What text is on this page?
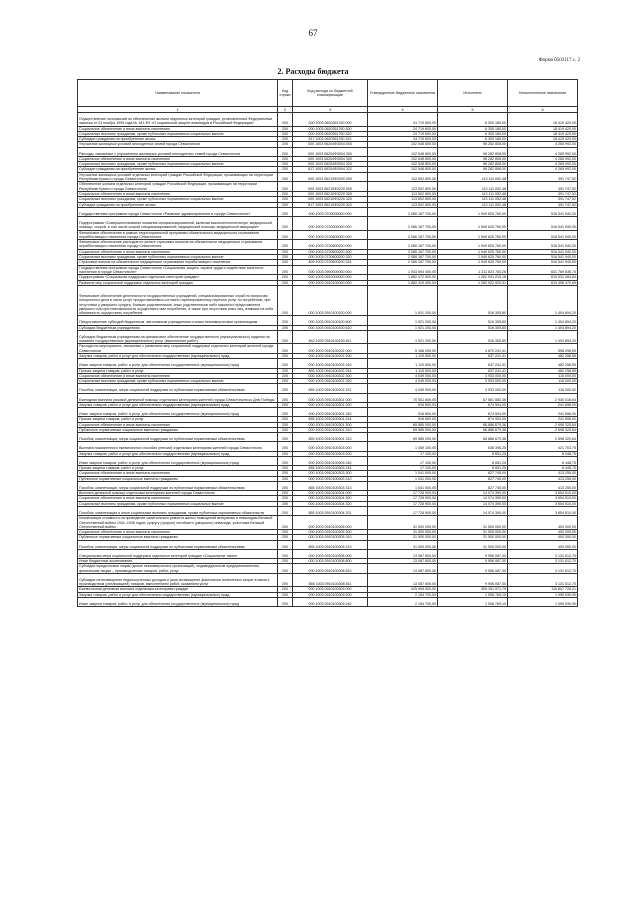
67
Форма 0503117 с. 2
2. Расходы бюджета
Наименование показателя	Код строки	Код расхода по бюджетной классификации	Утвержденные бюджетные назначения	Исполнено	Неисполненные назначения
1	2	3	4	5	6
Осуществление полномочий по обеспечению жильем отдельных категорий граждан, установленных Федеральным законом от 24 ноября 1995 года № 181-ФЗ «О социальной защите инвалидов в Российской Федерации»	200	000 1003 0620351760 000	24 719 600,00	6 300 180,00	18 419 420,00
Социальное обеспечение и иные выплаты населению	200	000 1003 0620351760 300	24 719 600,00	6 300 180,00	18 419 420,00
Социальные выплаты гражданам, кроме публичных нормативных социальных выплат	200	000 1003 0620351760 320	24 719 600,00	6 300 180,00	18 419 420,00
Субсидии гражданам на приобретение жилья	200	817 1003 0620351760 322	24 719 600,00	6 300 180,00	18 419 420,00
Улучшение жилищных условий многодетных семей города Севастополя	200	000 1003 06204Ф3004 000	102 548 800,00	98 282 808,00	4 265 992,00
Расходы, связанные с улучшением жилищных условий многодетных семей города Севастополя	200	000 1003 06204Ф3004 300	102 548 800,00	98 282 808,00	4 265 992,00
Социальное обеспечение и иные выплаты населению	200	000 1003 06204Ф3004 300	102 548 800,00	98 282 808,00	4 265 992,00
Социальные выплаты гражданам, кроме публичных нормативных социальных выплат	200	000 1003 06204Ф3004 320	102 548 800,00	98 282 808,00	4 265 992,00
Субсидии гражданам на приобретение жилья	200	817 1003 06204Ф3004 322	102 548 800,00	98 282 808,00	4 265 992,00
Улучшение жилищных условий отдельных категорий граждан Российской Федерации, проживающих на территории Республики Крым и города Севастополя	200	000 1003 06210Ф3000 000	113 502 800,00	113 111 052,48	391 747,52
Обеспечение жильем отдельных категорий граждан Российской Федерации, проживающих на территории Республики Крым и города Севастополя	200	000 1003 06210Ф3220 000	113 502 800,00	113 111 052,48	391 747,52
Социальное обеспечение и иные выплаты населению	200	000 1003 06210Ф3220 300	113 502 800,00	113 111 052,48	391 747,52
Социальные выплаты гражданам, кроме публичных нормативных социальных выплат	200	000 1003 06210Ф3220 320	113 502 800,00	113 111 052,48	391 747,52
Субсидии гражданам на приобретение жилья	200	817 1003 06210Ф3220 322	113 502 800,00	113 111 052,48	391 747,52
Государственная программа города Севастополя «Развитие здравоохранения в городе Севастополе»	200	000 1003 0700000000 000	2 066 167 700,00	1 549 625 760,00	516 541 940,00
Подпрограмма «Совершенствование оказания специализированной, включая высокотехнологичную, медицинской помощи, скорой, в том числе скорой специализированной, медицинской помощи, медицинской эвакуации»	200	000 1003 0720000000 000	2 066 167 700,00	1 549 625 760,00	516 541 940,00
Финансовое обеспечение в рамках территориальной программы обязательного медицинского страхования нерабботающего населения города Севастополя	200	000 1003 0720600000 000	2 066 167 700,00	1 549 625 760,00	516 541 940,00
Финансовое обеспечение расходов по уплате страховых взносов на обязательное медицинское страхование нерабботающего населения города Севастополя	200	000 1003 0720600200 000	2 066 167 700,00	1 549 625 760,00	516 541 940,00
Социальное обеспечение и иные выплаты населению	200	000 1003 0720600200 300	2 066 167 700,00	1 549 625 760,00	516 541 940,00
Социальные выплаты гражданам, кроме публичных нормативных социальных выплат	200	000 1003 0720600200 320	2 066 167 700,00	1 549 625 760,00	516 541 940,00
Страховые взносы на обязательное медицинское страхование неработающего населения	200	809 1003 0720600200 324	2 066 167 700,00	1 549 625 760,00	516 541 940,00
Государственная программа города Севастополя «Социальная защита, охрана труда и содействие занятости населения в городе Севастополе»	200	000 1003 0900000000 000	1 943 594 400,00	1 311 824 763,26	631 769 636,74
Подпрограмма «Социальная поддержка отдельных категорий граждан»	200	000 1003 0910000000 000	1 882 472 300,00	1 262 941 215,16	619 531 084,84
Развитие мер социальной поддержки отдельных категорий граждан	200	000 1003 0910100000 000	1 882 419 400,00	1 262 922 929,31	619 496 470,69
Финансовое обеспечение деятельности государственных учреждений, специализированных служб по вопросам похоронного дела в части услуг, предоставляемых согласно гарантированному перечню услуг по погребению, при отсутствии у умершего супруга, близких родственников, иных родственников либо законного представителя умершего или при невозможности осуществить ими погребение, а также при отсутствии иных лиц, взявших на себя обязанность осуществить погребение	200	000 1003 0910100100 000	1 921 200,00	516 305,80	1 404 894,20
Предоставление субсидий бюджетным, автономным учреждениям и иным некоммерческим организациям	200	000 1003 0910100100 600	1 921 200,00	516 305,80	1 404 894,20
Субсидии бюджетным учреждениям	200	000 1003 0910100100 610	1 921 200,00	516 305,80	1 404 894,20
Субсидии бюджетным учреждениям на финансовое обеспечение государственного (муниципального) задания на оказание государственных (муниципальных) услуг (выполнение работ)	200	842 1003 0910100100 611	1 921 200,00	516 305,80	1 404 894,20
Расходы на мероприятия, связанные с развитием мер социальной поддержки отдельных категорий жителей города Севастополя	200	000 1003 0910100202 000	5 168 000,00	4 670 241,41	598 298,59
Закупка товаров, работ и услуг для обеспечения государственных (муниципальных) нужд	200	000 1003 0910100202 200	1 119 500,00	637 241,41	482 258,59
Иные закупки товаров, работ и услуг для обеспечения государственных (муниципальных) нужд	200	000 1003 0910100202 240	1 119 500,00	637 241,41	482 258,59
Прочая закупка товаров, работ и услуг	200	855 1003 0910100202 244	1 119 500,00	637 241,41	482 258,59
Социальное обеспечение и иные выплаты населению	200	000 1003 0910100202 300	4 049 000,00	3 933 000,00	116 000,00
Социальные выплаты гражданам, кроме публичных нормативных социальных выплат	200	000 1003 0910100202 320	4 049 000,00	3 933 000,00	116 000,00
Пособия, компенсации, меры социальной поддержки по публичным нормативным обязательствам	200	855 1003 0910100202 321	4 049 000,00	3 933 000,00	116 000,00
Ежегодная выплата разовой денежной помощи отдельным категориям жителей города Севастополя ко Дню Победы	200	000 1003 0910100301 000	70 501 600,00	67 561 583,36	2 940 016,64
Закупка товаров, работ и услуг для обеспечения государственных (муниципальных) нужд	200	000 1003 0910100301 200	916 600,00	674 904,00	241 696,00
Иные закупки товаров, работ и услуг для обеспечения государственных (муниципальных) нужд	200	000 1003 0910100301 240	916 600,00	674 904,00	241 696,00
Прочая закупка товаров, работ и услуг	200	855 1003 0910100301 244	916 600,00	674 904,00	241 696,00
Социальное обеспечение и иные выплаты населению	200	000 1003 0910100301 300	69 585 000,00	66 886 679,36	2 698 320,64
Публичные нормативные социальные выплаты гражданам	200	000 1003 0910100301 310	69 585 000,00	66 886 679,36	2 698 320,64
Пособия, компенсации, меры социальной поддержки по публичным нормативным обязательствам	200	855 1003 0910100301 313	69 585 000,00	66 886 679,36	2 698 320,64
Выплата пожизненного ежемесячного пособия (пенсии) отдельным категориям жителей города Севастополя	200	000 1003 0910100303 000	1 059 100,00	636 396,25	421 703,75
Закупка товаров, работ и услуг для обеспечения государственных (муниципальных) нужд	200	000 1003 0910100303 200	17 100,00	8 651,25	8 448,75
Иные закупки товаров, работ и услуг для обеспечения государственных (муниципальных) нужд	200	000 1003 0910100303 240	17 100,00	8 651,25	8 448,75
Прочая закупка товаров, работ и услуг	200	855 1003 0910100303 244	17 100,00	8 651,25	8 448,75
Социальное обеспечение и иные выплаты населению	200	000 1003 0910100303 300	1 041 000,00	627 745,00	413 255,00
Публичные нормативные социальные выплаты гражданам	200	000 1003 0910100303 310	1 041 000,00	627 745,00	413 255,00
Пособия, компенсации, меры социальной поддержки по публичным нормативным обязательствам	200	855 1003 0910100303 313	1 041 000,00	627 745,00	413 255,00
Выплата денежной помощи отдельным категориям жителей города Севастополя	200	000 1003 0910100304 000	17 728 900,00	14 074 390,00	3 654 510,00
Социальное обеспечение и иные выплаты населению	200	000 1003 0910100304 300	17 728 900,00	14 074 390,00	3 654 510,00
Социальные выплаты гражданам, кроме публичных нормативных социальных выплат	200	000 1003 0910100304 320	17 728 900,00	14 074 390,00	3 654 510,00
Пособия, компенсации и иные социальные выплаты гражданам, кроме публичных нормативных обязательств	200	855 1003 0910100304 321	17 728 900,00	14 074 390,00	3 654 510,00
Компенсация стоимости на проведение капитального ремонта жилых помещений ветеранам и инвалидам Великой Отечественной войны 1941–1945 годов, супругу (супруге) погибшего (умершего) инвалида, участника Великой Отечественной войны	200	000 1003 0910100305 000	31 900 000,00	31 500 000,00	400 000,00
Социальное обеспечение и иные выплаты населению	200	000 1003 0910100305 300	31 900 000,00	31 500 000,00	400 000,00
Публичные нормативные социальные выплаты гражданам	200	000 1003 0910100305 310	31 900 000,00	31 500 000,00	400 000,00
Пособия, компенсации, меры социальной поддержки по публичным нормативным обязательствам	200	855 1003 0910100305 313	31 900 000,00	31 500 000,00	400 000,00
Специальная мера социальной поддержки отдельных категорий граждан «Социальное такси»	200	000 1003 0910100308 000	13 087 600,00	9 956 087,30	3 131 512,70
Иные бюджетные ассигнования	200	000 1003 0910100308 800	13 087 600,00	9 956 087,30	3 131 512,70
Субсидии юридическим лицам (кроме некоммерческих организаций), индивидуальным предпринимателям, физическим лицам – производителям товаров, работ, услуг	200	000 1003 0910100308 810	13 087 600,00	9 956 087,30	3 131 512,70
Субсидии на возмещение недополученных доходов и (или) возмещение фактически понесенных затрат в связи с производством (реализацией) товаров, выполнением работ, оказанием услуг	200	855 1003 0910100308 811	13 087 600,00	9 956 087,30	3 131 512,70
Ежемесячная денежная выплата отдельным категориям граждан	200	000 1003 0910100309 000	425 959 300,00	309 151 571,79	116 807 728,21
Закупка товаров, работ и услуг для обеспечения государственных (муниципальных) нужд	200	000 1003 0910100309 200	2 154 700,00	1 058 769,10	1 095 930,90
Иные закупки товаров, работ и услуг для обеспечения государственных (муниципальных) нужд	200	000 1003 0910100309 240	2 154 700,00	1 058 769,10	1 095 930,90
